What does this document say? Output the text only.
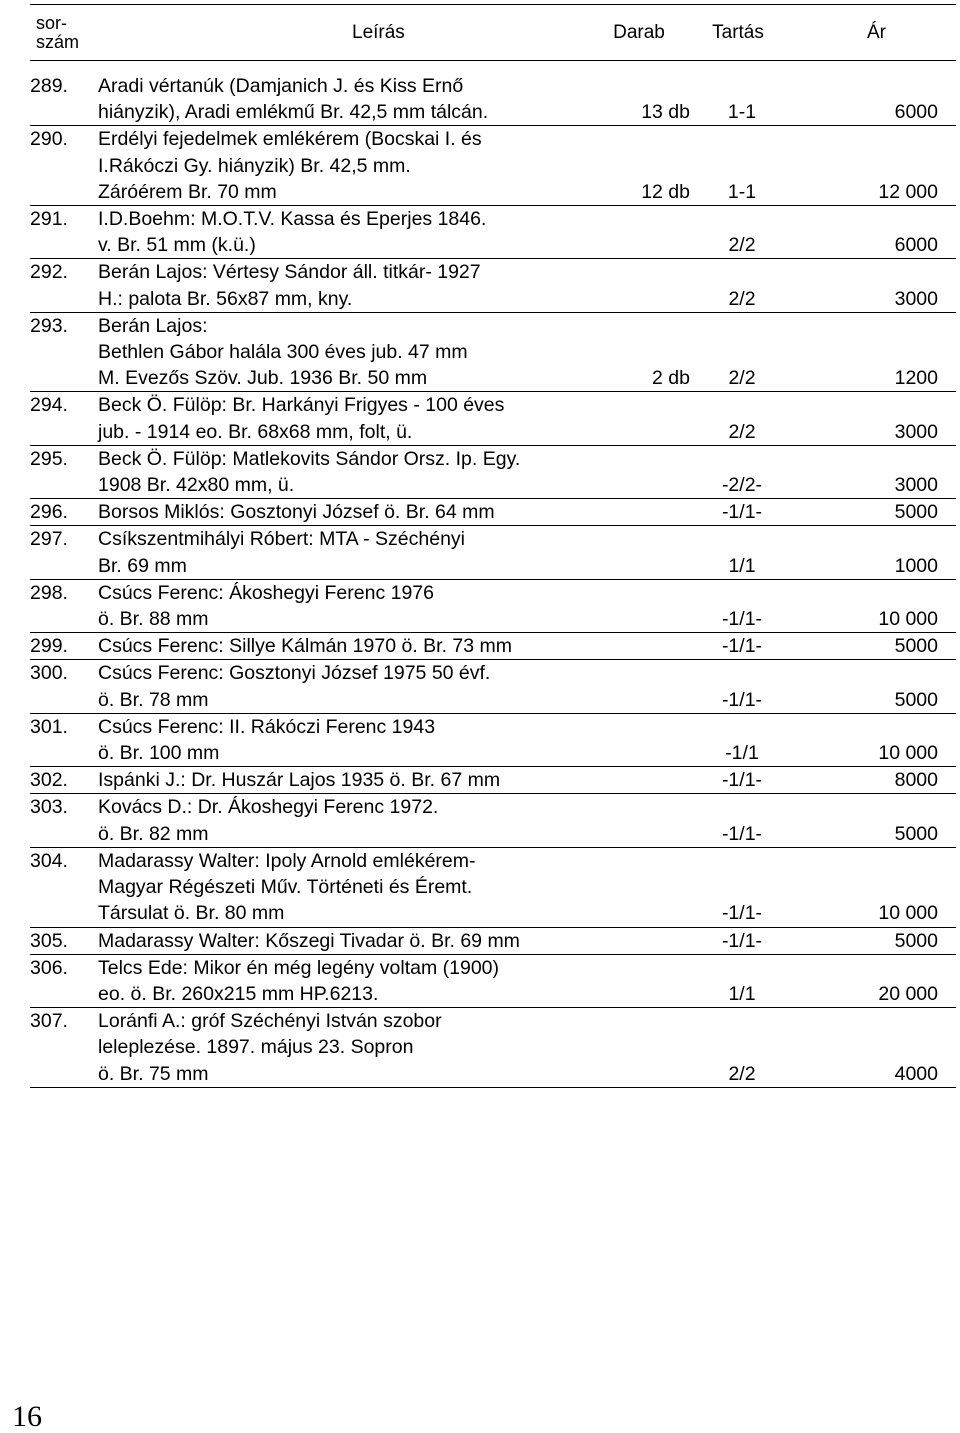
sor-
szám	Leírás	Darab	Tartás	Ár
289.	Aradi vértanúk (Damjanich J. és Kiss Ernő
hiányzik), Aradi emlékmű Br. 42,5 mm tálcán.	13 db	1-1	6000
290.	Erdélyi fejedelmek emlékérem (Bocskai I. és
I.Rákóczi Gy. hiányzik) Br. 42,5 mm.
Záróérem Br. 70 mm	12 db	1-1	12 000
291.	I.D.Boehm: M.O.T.V. Kassa és Eperjes 1846.
v. Br. 51 mm (k.ü.)		2/2	6000
292.	Berán Lajos: Vértesy Sándor áll. titkár- 1927
H.: palota Br. 56x87 mm, kny.		2/2	3000
293.	Berán Lajos:
Bethlen Gábor halála 300 éves jub. 47 mm
M. Evezős Szöv. Jub. 1936 Br. 50 mm	2 db	2/2	1200
294.	Beck Ö. Fülöp: Br. Harkányi Frigyes - 100 éves
jub. - 1914 eo. Br. 68x68 mm, folt, ü.		2/2	3000
295.	Beck Ö. Fülöp: Matlekovits Sándor Orsz. Ip. Egy.
1908 Br. 42x80 mm, ü.		-2/2-	3000
296.	Borsos Miklós: Gosztonyi József ö. Br. 64 mm		-1/1-	5000
297.	Csíkszentmihályi Róbert: MTA - Széchényi
Br. 69 mm		1/1	1000
298.	Csúcs Ferenc: Ákoshegyi Ferenc 1976
ö. Br. 88 mm		-1/1-	10 000
299.	Csúcs Ferenc: Sillye Kálmán 1970 ö. Br. 73 mm		-1/1-	5000
300.	Csúcs Ferenc: Gosztonyi József 1975 50 évf.
ö. Br. 78 mm		-1/1-	5000
301.	Csúcs Ferenc: II. Rákóczi Ferenc 1943
ö. Br. 100 mm		-1/1	10 000
302.	Ispánki J.: Dr. Huszár Lajos 1935 ö. Br. 67 mm		-1/1-	8000
303.	Kovács D.: Dr. Ákoshegyi Ferenc 1972.
ö. Br. 82 mm		-1/1-	5000
304.	Madarassy Walter: Ipoly Arnold emlékérem-
Magyar Régészeti Műv. Történeti és Éremt.
Társulat ö. Br. 80 mm		-1/1-	10 000
305.	Madarassy Walter: Kőszegi Tivadar ö. Br. 69 mm		-1/1-	5000
306.	Telcs Ede: Mikor én még legény voltam (1900)
eo. ö. Br. 260x215 mm HP.6213.		1/1	20 000
307.	Loránfi A.: gróf Széchényi István szobor
leleplezése. 1897. május 23. Sopron
ö. Br. 75 mm		2/2	4000
16
